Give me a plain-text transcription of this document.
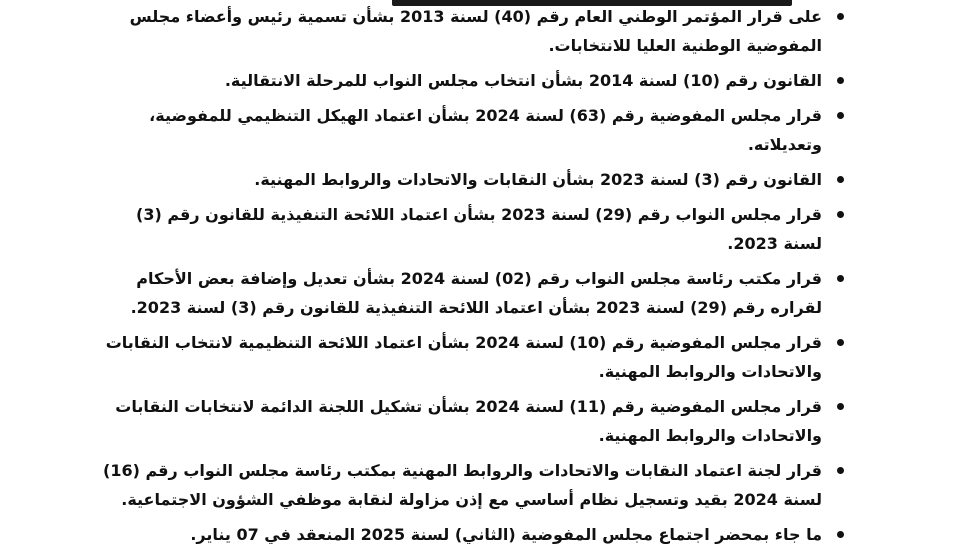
على قرار المؤتمر الوطني العام رقم (40) لسنة 2013 بشأن تسمية رئيس وأعضاء مجلس المفوضية الوطنية العليا للانتخابات.
القانون رقم (10) لسنة 2014 بشأن انتخاب مجلس النواب للمرحلة الانتقالية.
قرار مجلس المفوضية رقم (63) لسنة 2024 بشأن اعتماد الهيكل التنظيمي للمفوضية، وتعديلاته.
القانون رقم (3) لسنة 2023 بشأن النقابات والاتحادات والروابط المهنية.
قرار مجلس النواب رقم (29) لسنة 2023 بشأن اعتماد اللائحة التنفيذية للقانون رقم (3) لسنة 2023.
قرار مكتب رئاسة مجلس النواب رقم (02) لسنة 2024 بشأن تعديل وإضافة بعض الأحكام لقراره رقم (29) لسنة 2023 بشأن اعتماد اللائحة التنفيذية للقانون رقم (3) لسنة 2023.
قرار مجلس المفوضية رقم (10) لسنة 2024 بشأن اعتماد اللائحة التنظيمية لانتخاب النقابات والاتحادات والروابط المهنية.
قرار مجلس المفوضية رقم (11) لسنة 2024 بشأن تشكيل اللجنة الدائمة لانتخابات النقابات والاتحادات والروابط المهنية.
قرار لجنة اعتماد النقابات والاتحادات والروابط المهنية بمكتب رئاسة مجلس النواب رقم (16) لسنة 2024 بقيد وتسجيل نظام أساسي مع إذن مزاولة لنقابة موظفي الشؤون الاجتماعية.
ما جاء بمحضر اجتماع مجلس المفوضية (الثاني) لسنة 2025 المنعقد في 07 يناير.
